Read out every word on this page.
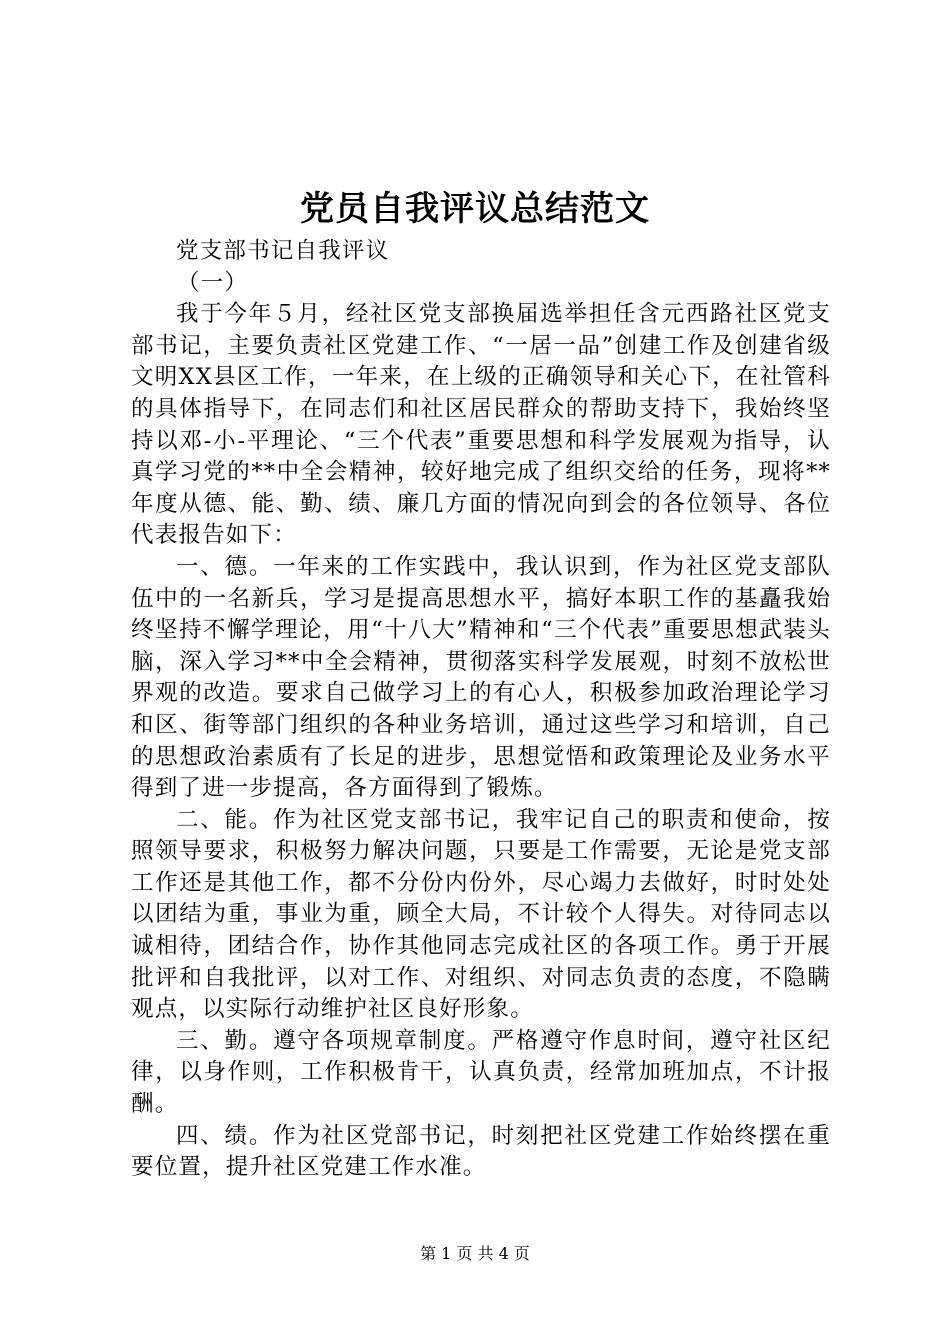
党员自我评议总结范文

党支部书记自我评议

（一）

我于今年５月，经社区党支部换届选举担任含元西路社区党支部书记，主要负责社区党建工作、“一居一品”创建工作及创建省级文明XX县区工作，一年来，在上级的正确领导和关心下，在社管科的具体指导下，在同志们和社区居民群众的帮助支持下，我始终坚持以邓-小-平理论、“三个代表”重要思想和科学发展观为指导，认真学习党的**中全会精神，较好地完成了组织交给的任务，现将**年度从德、能、勤、绩、廉几方面的情况向到会的各位领导、各位代表报告如下：

一、德。一年来的工作实践中，我认识到，作为社区党支部队伍中的一名新兵，学习是提高思想水平，搞好本职工作的基矗我始终坚持不懈学理论，用“十八大”精神和“三个代表”重要思想武装头脑，深入学习**中全会精神，贯彻落实科学发展观，时刻不放松世界观的改造。要求自己做学习上的有心人，积极参加政治理论学习和区、街等部门组织的各种业务培训，通过这些学习和培训，自己的思想政治素质有了长足的进步，思想觉悟和政策理论及业务水平得到了进一步提高，各方面得到了锻炼。

二、能。作为社区党支部书记，我牢记自己的职责和使命，按照领导要求，积极努力解决问题，只要是工作需要，无论是党支部工作还是其他工作，都不分份内份外，尽心竭力去做好，时时处处以团结为重，事业为重，顾全大局，不计较个人得失。对待同志以诚相待，团结合作，协作其他同志完成社区的各项工作。勇于开展批评和自我批评，以对工作、对组织、对同志负责的态度，不隐瞒观点，以实际行动维护社区良好形象。

三、勤。遵守各项规章制度。严格遵守作息时间，遵守社区纪律，以身作则，工作积极肯干，认真负责，经常加班加点，不计报酬。

四、绩。作为社区党部书记，时刻把社区党建工作始终摆在重要位置，提升社区党建工作水准。

第 1 页 共 4 页
